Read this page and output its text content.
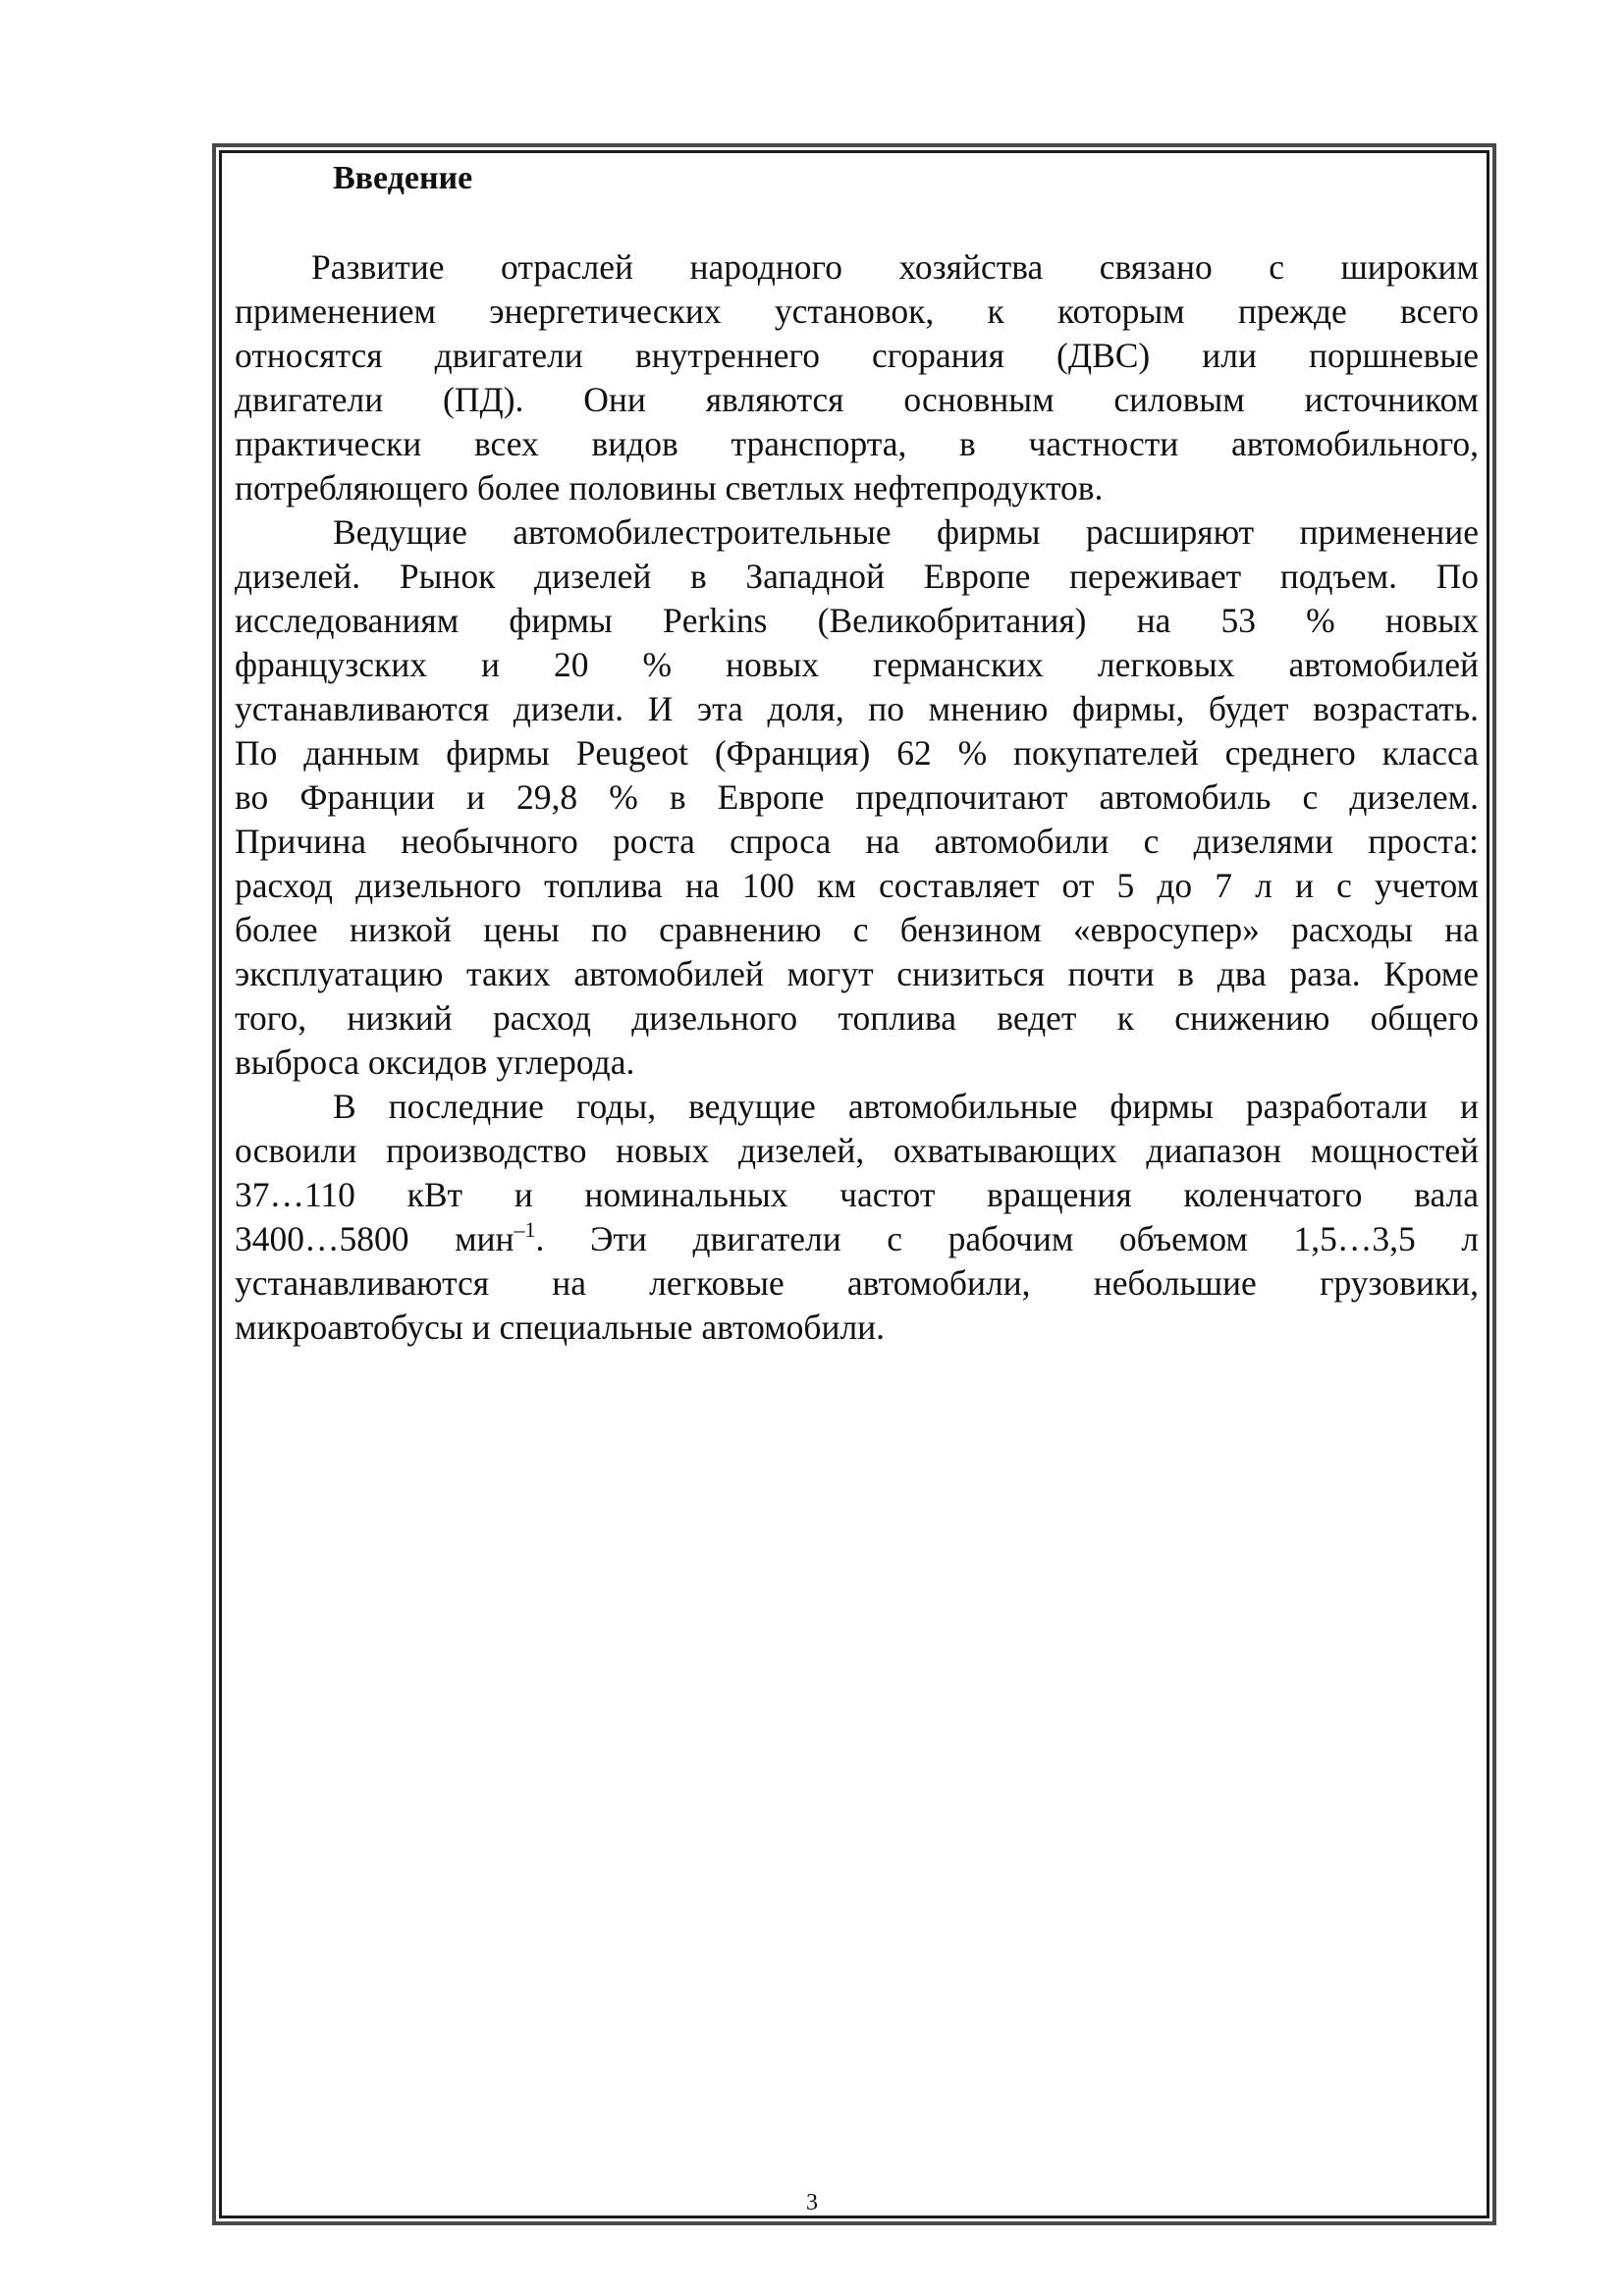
Введение
Развитие отраслей народного хозяйства связано с широким
применением энергетических установок, к которым прежде всего
относятся двигатели внутреннего сгорания (ДВС) или поршневые
двигатели (ПД). Они являются основным силовым источником
практически всех видов транспорта, в частности автомобильного,
потребляющего более половины светлых нефтепродуктов.
Ведущие автомобилестроительные фирмы расширяют применение
дизелей. Рынок дизелей в Западной Европе переживает подъем. По
исследованиям фирмы Perkins (Великобритания) на 53 % новых
французских и 20 % новых германских легковых автомобилей
устанавливаются дизели. И эта доля, по мнению фирмы, будет возрастать.
По данным фирмы Peugeot (Франция) 62 % покупателей среднего класса
во Франции и 29,8 % в Европе предпочитают автомобиль с дизелем.
Причина необычного роста спроса на автомобили с дизелями проста:
расход дизельного топлива на 100 км составляет от 5 до 7 л и с учетом
более низкой цены по сравнению с бензином «евросупер» расходы на
эксплуатацию таких автомобилей могут снизиться почти в два раза. Кроме
того, низкий расход дизельного топлива ведет к снижению общего
выброса оксидов углерода.
В последние годы, ведущие автомобильные фирмы разработали и
освоили производство новых дизелей, охватывающих диапазон мощностей
37…110 кВт и номинальных частот вращения коленчатого вала
3400…5800 мин$^{-1}$. Эти двигатели с рабочим объемом 1,5…3,5 л
устанавливаются на легковые автомобили, небольшие грузовики,
микроавтобусы и специальные автомобили.
3
